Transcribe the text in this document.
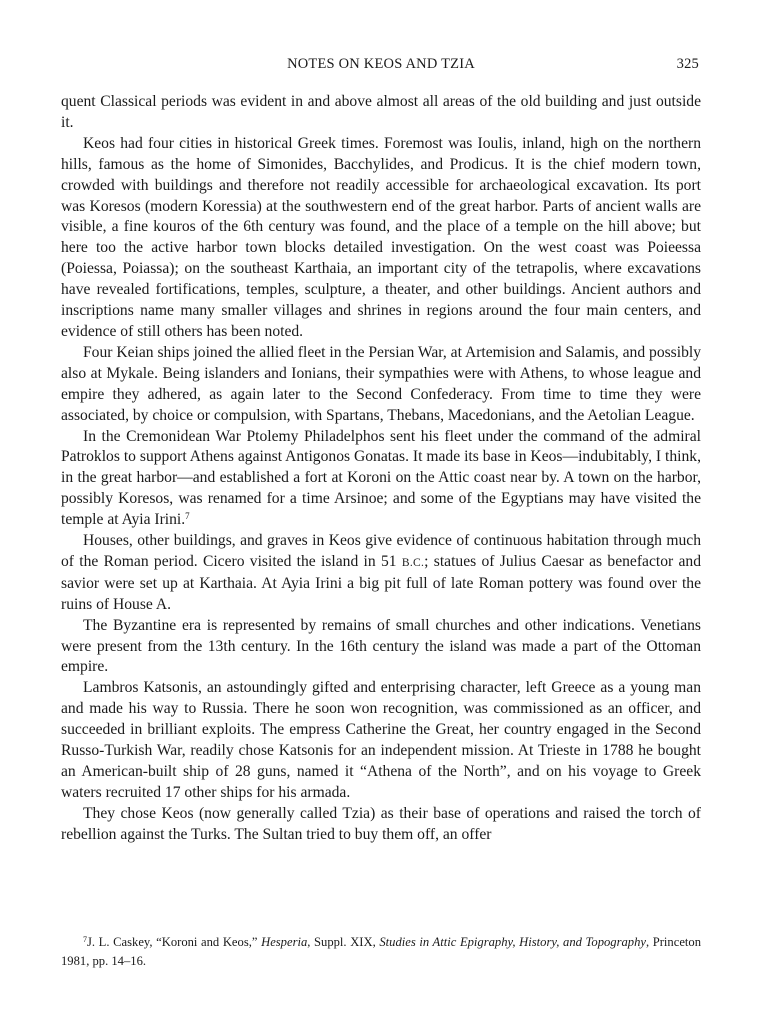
NOTES ON KEOS AND TZIA	325

quent Classical periods was evident in and above almost all areas of the old building and just outside it.

Keos had four cities in historical Greek times. Foremost was Ioulis, inland, high on the northern hills, famous as the home of Simonides, Bacchylides, and Prodicus. It is the chief modern town, crowded with buildings and therefore not readily accessible for archaeological excavation. Its port was Koresos (modern Koressia) at the southwestern end of the great harbor. Parts of ancient walls are visible, a fine kouros of the 6th century was found, and the place of a temple on the hill above; but here too the active harbor town blocks detailed investigation. On the west coast was Poieessa (Poiessa, Poiassa); on the southeast Karthaia, an important city of the tetrapolis, where excavations have revealed fortifications, temples, sculpture, a theater, and other buildings. Ancient authors and inscriptions name many smaller villages and shrines in regions around the four main centers, and evidence of still others has been noted.

Four Keian ships joined the allied fleet in the Persian War, at Artemision and Salamis, and possibly also at Mykale. Being islanders and Ionians, their sympathies were with Athens, to whose league and empire they adhered, as again later to the Second Confederacy. From time to time they were associated, by choice or compulsion, with Spartans, Thebans, Macedonians, and the Aetolian League.

In the Cremonidean War Ptolemy Philadelphos sent his fleet under the command of the admiral Patroklos to support Athens against Antigonos Gonatas. It made its base in Keos—indubitably, I think, in the great harbor—and established a fort at Koroni on the Attic coast near by. A town on the harbor, possibly Koresos, was renamed for a time Arsinoe; and some of the Egyptians may have visited the temple at Ayia Irini.$^7$

Houses, other buildings, and graves in Keos give evidence of continuous habitation through much of the Roman period. Cicero visited the island in 51 B.C.; statues of Julius Caesar as benefactor and savior were set up at Karthaia. At Ayia Irini a big pit full of late Roman pottery was found over the ruins of House A.

The Byzantine era is represented by remains of small churches and other indications. Venetians were present from the 13th century. In the 16th century the island was made a part of the Ottoman empire.

Lambros Katsonis, an astoundingly gifted and enterprising character, left Greece as a young man and made his way to Russia. There he soon won recognition, was commissioned as an officer, and succeeded in brilliant exploits. The empress Catherine the Great, her country engaged in the Second Russo-Turkish War, readily chose Katsonis for an independent mission. At Trieste in 1788 he bought an American-built ship of 28 guns, named it “Athena of the North”, and on his voyage to Greek waters recruited 17 other ships for his armada.

They chose Keos (now generally called Tzia) as their base of operations and raised the torch of rebellion against the Turks. The Sultan tried to buy them off, an offer

$^7$J. L. Caskey, “Koroni and Keos,” Hesperia, Suppl. XIX, Studies in Attic Epigraphy, History, and Topography, Princeton 1981, pp. 14–16.
